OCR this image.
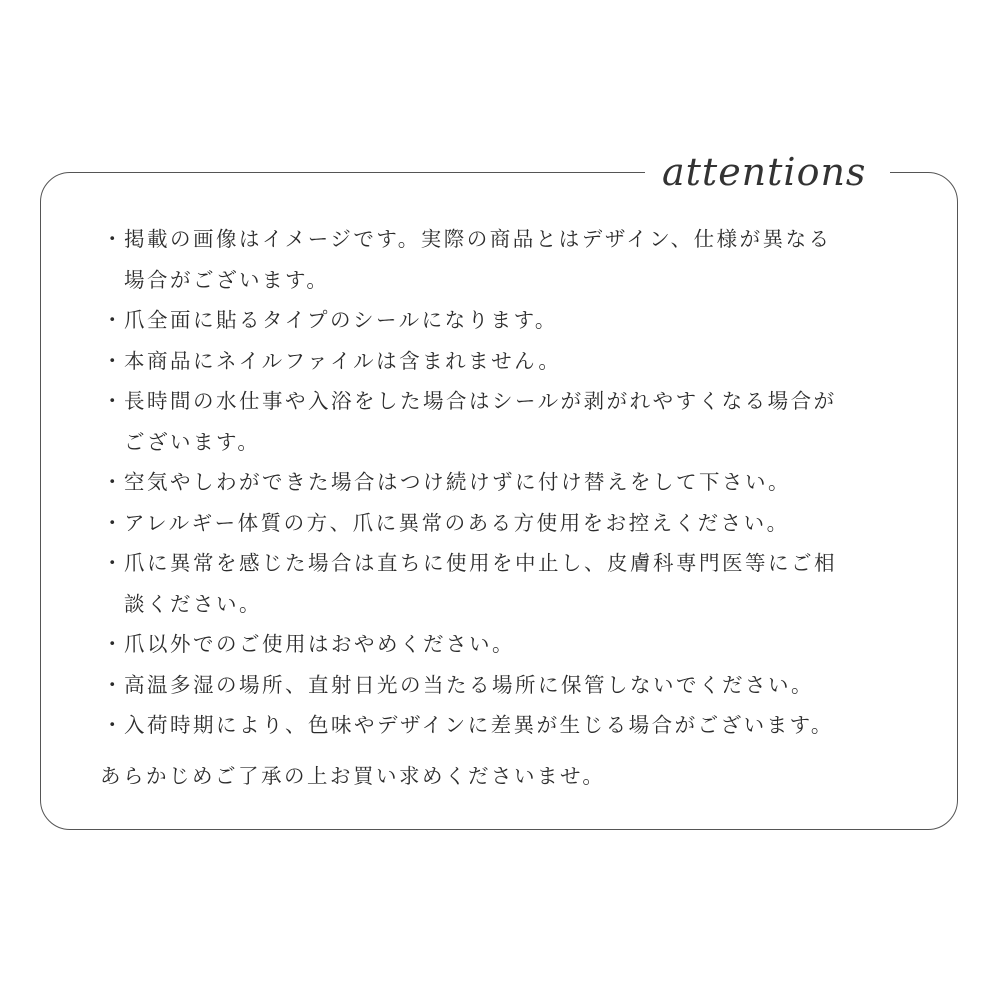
attentions
・ 掲載の画像はイメージです。実際の商品とはデザイン、仕様が異なる
場合がございます。
・ 爪全面に貼るタイプのシールになります。
・ 本商品にネイルファイルは含まれません。
・ 長時間の水仕事や入浴をした場合はシールが剥がれやすくなる場合が
ございます。
・ 空気やしわができた場合はつけ続けずに付け替えをして下さい。
・ アレルギー体質の方、爪に異常のある方使用をお控えください。
・ 爪に異常を感じた場合は直ちに使用を中止し、皮膚科専門医等にご相
談ください。
・ 爪以外でのご使用はおやめください。
・ 高温多湿の場所、直射日光の当たる場所に保管しないでください。
・ 入荷時期により、色味やデザインに差異が生じる場合がございます。
あらかじめご了承の上お買い求めくださいませ。
